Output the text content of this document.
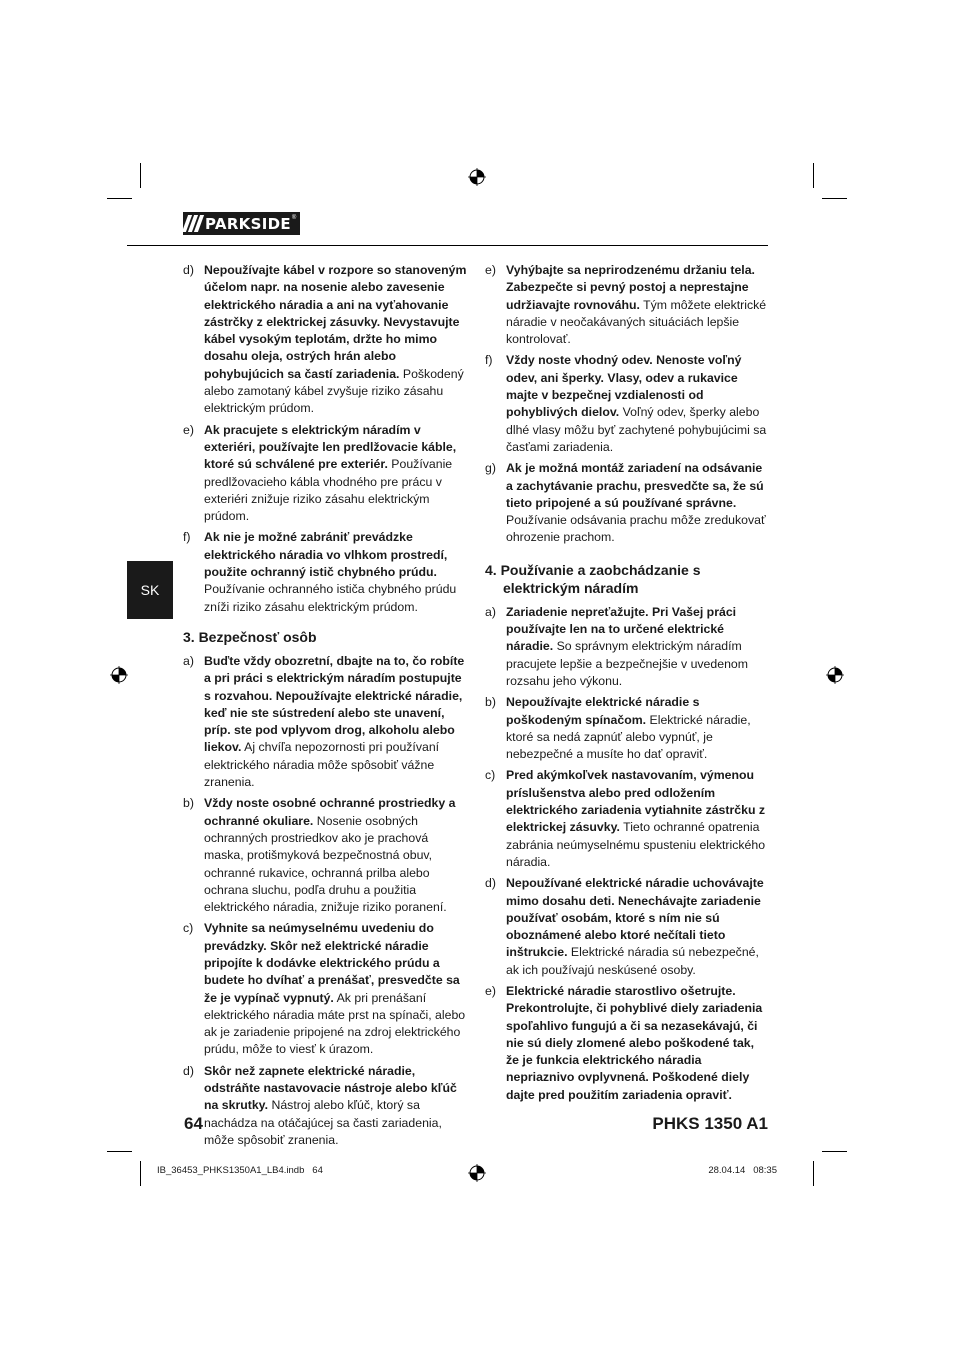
PARKSIDE ®
SK
d) Nepoužívajte kábel v rozpore so stanoveným účelom napr. na nosenie alebo zavesenie elektrického náradia a ani na vyťahovanie zástrčky z elektrickej zásuvky. Nevystavujte kábel vysokým teplotám, držte ho mimo dosahu oleja, ostrých hrán alebo pohybujúcich sa častí zariadenia. Poškodený alebo zamotaný kábel zvyšuje riziko zásahu elektrickým prúdom.
e) Ak pracujete s elektrickým náradím v exteriéri, používajte len predlžovacie káble, ktoré sú schválené pre exteriér. Používanie predlžovacieho kábla vhodného pre prácu v exteriéri znižuje riziko zásahu elektrickým prúdom.
f) Ak nie je možné zabrániť prevádzke elektrického náradia vo vlhkom prostredí, použite ochranný istič chybného prúdu. Používanie ochranného ističa chybného prúdu zníži riziko zásahu elektrickým prúdom.
3. Bezpečnosť osôb
a) Buďte vždy obozretní, dbajte na to, čo robíte a pri práci s elektrickým náradím postupujte s rozvahou. Nepoužívajte elektrické náradie, keď nie ste sústredení alebo ste unavení, príp. ste pod vplyvom drog, alkoholu alebo liekov. Aj chvíľa nepozornosti pri používaní elektrického náradia môže spôsobiť vážne zranenia.
b) Vždy noste osobné ochranné prostriedky a ochranné okuliare. Nosenie osobných ochranných prostriedkov ako je prachová maska, protišmyková bezpečnostná obuv, ochranné rukavice, ochranná prilba alebo ochrana sluchu, podľa druhu a použitia elektrického náradia, znižuje riziko poranení.
c) Vyhnite sa neúmyselnému uvedeniu do prevádzky. Skôr než elektrické náradie pripojíte k dodávke elektrického prúdu a budete ho dvíhať a prenášať, presvedčte sa že je vypínač vypnutý. Ak pri prenášaní elektrického náradia máte prst na spínači, alebo ak je zariadenie pripojené na zdroj elektrického prúdu, môže to viesť k úrazom.
d) Skôr než zapnete elektrické náradie, odstráňte nastavovacie nástroje alebo kľúč na skrutky. Nástroj alebo kľúč, ktorý sa nachádza na otáčajúcej sa časti zariadenia, môže spôsobiť zranenia.
e) Vyhýbajte sa neprirodzenému držaniu tela. Zabezpečte si pevný postoj a neprestajne udržiavajte rovnováhu. Tým môžete elektrické náradie v neočakávaných situáciách lepšie kontrolovať.
f) Vždy noste vhodný odev. Nenoste voľný odev, ani šperky. Vlasy, odev a rukavice majte v bezpečnej vzdialenosti od pohyblivých dielov. Voľný odev, šperky alebo dlhé vlasy môžu byť zachytené pohybujúcimi sa časťami zariadenia.
g) Ak je možná montáž zariadení na odsávanie a zachytávanie prachu, presvedčte sa, že sú tieto pripojené a sú používané správne. Používanie odsávania prachu môže zredukovať ohrozenie prachom.
4. Používanie a zaobchádzanie s elektrickým náradím
a) Zariadenie nepreťažujte. Pri Vašej práci používajte len na to určené elektrické náradie. So správnym elektrickým náradím pracujete lepšie a bezpečnejšie v uvedenom rozsahu jeho výkonu.
b) Nepoužívajte elektrické náradie s poškodeným spínačom. Elektrické náradie, ktoré sa nedá zapnúť alebo vypnúť, je nebezpečné a musíte ho dať opraviť.
c) Pred akýmkoľvek nastavovaním, výmenou príslušenstva alebo pred odložením elektrického zariadenia vytiahnite zástrčku z elektrickej zásuvky. Tieto ochranné opatrenia zabránia neúmyselnému spusteniu elektrického náradia.
d) Nepoužívané elektrické náradie uchovávajte mimo dosahu deti. Nenechávajte zariadenie používať osobám, ktoré s ním nie sú oboznámené alebo ktoré nečítali tieto inštrukcie. Elektrické náradia sú nebezpečné, ak ich používajú neskúsené osoby.
e) Elektrické náradie starostlivo ošetrujte. Prekontrolujte, či pohyblivé diely zariadenia spoľahlivo fungujú a či sa nezasekávajú, či nie sú diely zlomené alebo poškodené tak, že je funkcia elektrického náradia nepriaznivo ovplyvnená. Poškodené diely dajte pred použitím zariadenia opraviť.
64	PHKS 1350 A1
IB_36453_PHKS1350A1_LB4.indb   64	28.04.14   08:35
